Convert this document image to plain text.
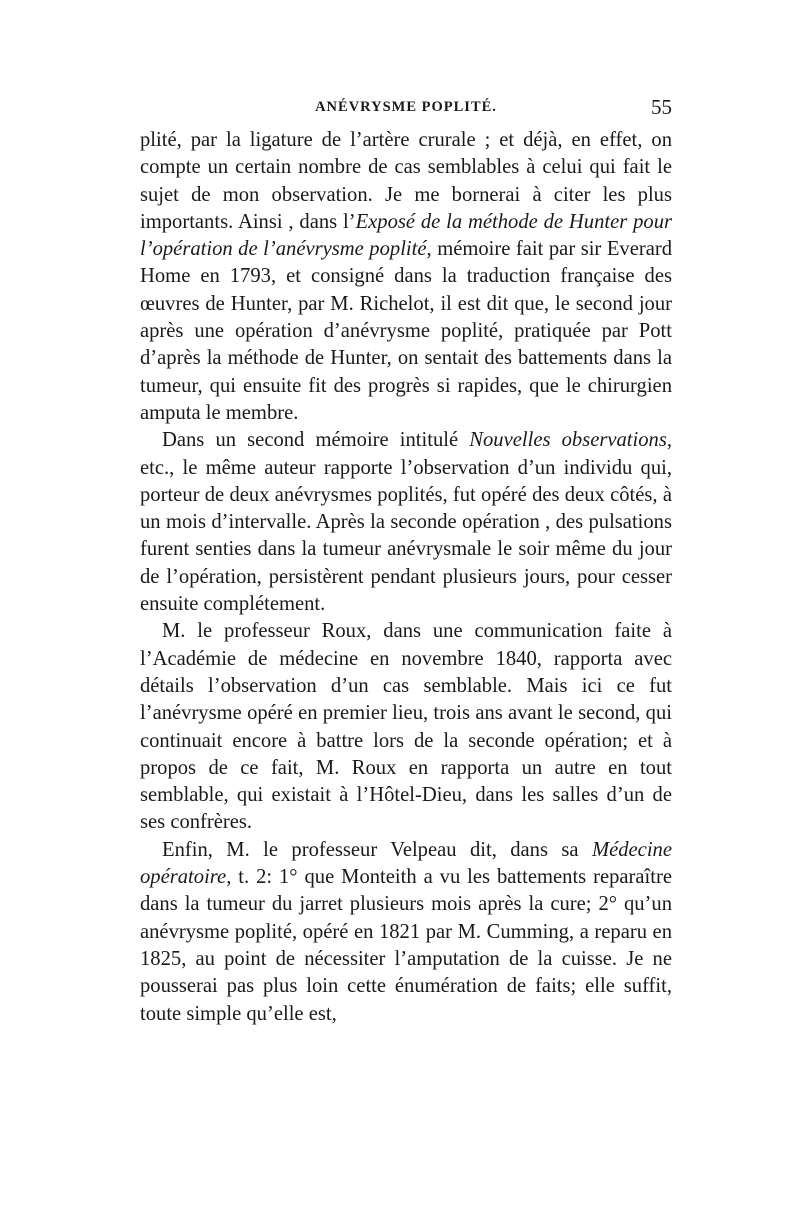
ANÉVRYSME POPLITÉ.	55

plité, par la ligature de l’artère crurale ; et déjà, en effet, on compte un certain nombre de cas semblables à celui qui fait le sujet de mon observation. Je me bornerai à citer les plus importants. Ainsi , dans l’Exposé de la méthode de Hunter pour l’opération de l’anévrysme poplité, mémoire fait par sir Everard Home en 1793, et consigné dans la traduction française des œuvres de Hunter, par M. Richelot, il est dit que, le second jour après une opération d’anévrysme poplité, pratiquée par Pott d’après la méthode de Hunter, on sentait des battements dans la tumeur, qui ensuite fit des progrès si rapides, que le chirurgien amputa le membre.

Dans un second mémoire intitulé Nouvelles observations, etc., le même auteur rapporte l’observation d’un individu qui, porteur de deux anévrysmes poplités, fut opéré des deux côtés, à un mois d’intervalle. Après la seconde opération , des pulsations furent senties dans la tumeur anévrysmale le soir même du jour de l’opération, persistèrent pendant plusieurs jours, pour cesser ensuite complétement.

M. le professeur Roux, dans une communication faite à l’Académie de médecine en novembre 1840, rapporta avec détails l’observation d’un cas semblable. Mais ici ce fut l’anévrysme opéré en premier lieu, trois ans avant le second, qui continuait encore à battre lors de la seconde opération; et à propos de ce fait, M. Roux en rapporta un autre en tout semblable, qui existait à l’Hôtel-Dieu, dans les salles d’un de ses confrères.

Enfin, M. le professeur Velpeau dit, dans sa Médecine opératoire, t. 2: 1° que Monteith a vu les battements reparaître dans la tumeur du jarret plusieurs mois après la cure; 2° qu’un anévrysme poplité, opéré en 1821 par M. Cumming, a reparu en 1825, au point de nécessiter l’amputation de la cuisse. Je ne pousserai pas plus loin cette énumération de faits; elle suffit, toute simple qu’elle est,
